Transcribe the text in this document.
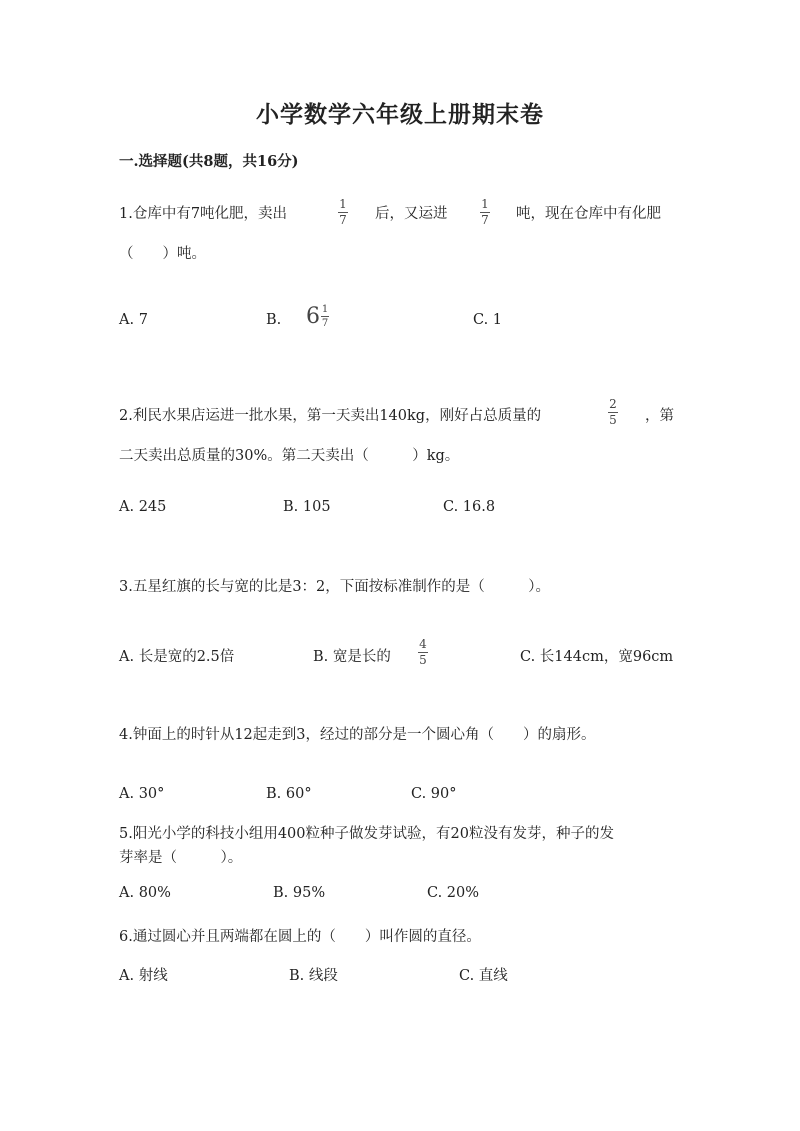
小学数学六年级上册期末卷
一.选择题(共8题，共16分)
1.仓库中有7吨化肥，卖出
1
7 后，又运进
1
7 吨，现在仓库中有化肥
（　　）吨。
A. 7	B. $6 \frac{1}{7}$	C. 1
2.利民水果店运进一批水果，第一天卖出140kg，刚好占总质量的
2
5 ，第
二天卖出总质量的30%。第二天卖出（　　　）kg。
A. 245	B. 105	C. 16.8
3.五星红旗的长与宽的比是3：2，下面按标准制作的是（　　　）。
A. 长是宽的2.5倍	B. 宽是长的
4
5	C. 长144cm，宽96cm
4.钟面上的时针从12起走到3，经过的部分是一个圆心角（　　）的扇形。
A. 30°	B. 60°	C. 90°
5.阳光小学的科技小组用400粒种子做发芽试验，有20粒没有发芽，种子的发
芽率是（　　　）。
A. 80%	B. 95%	C. 20%
6.通过圆心并且两端都在圆上的（　　）叫作圆的直径。
A. 射线	B. 线段	C. 直线
